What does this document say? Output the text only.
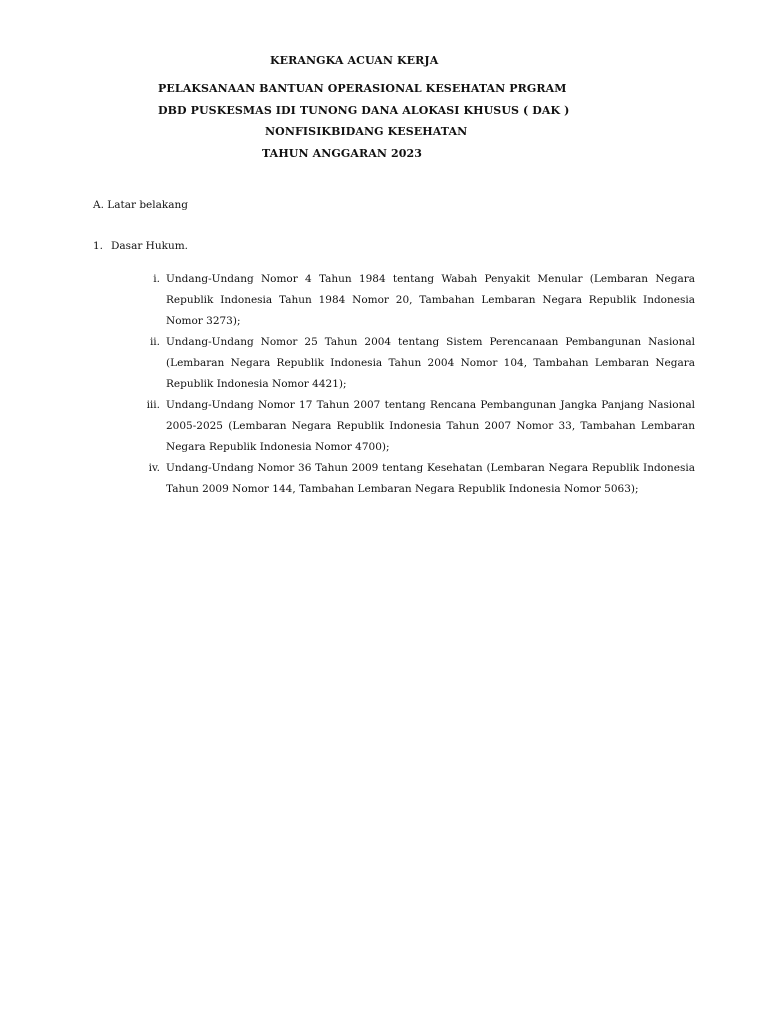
KERANGKA ACUAN KERJA
PELAKSANAAN BANTUAN OPERASIONAL KESEHATAN PRGRAM
DBD PUSKESMAS IDI TUNONG DANA ALOKASI KHUSUS ( DAK )
NONFISIKBIDANG KESEHATAN
TAHUN ANGGARAN 2023
A. Latar belakang
1. Dasar Hukum.
i. Undang-Undang Nomor 4 Tahun 1984 tentang Wabah Penyakit Menular (Lembaran Negara Republik Indonesia Tahun 1984 Nomor 20, Tambahan Lembaran Negara Republik Indonesia Nomor 3273);
ii. Undang-Undang Nomor 25 Tahun 2004 tentang Sistem Perencanaan Pembangunan Nasional (Lembaran Negara Republik Indonesia Tahun 2004 Nomor 104, Tambahan Lembaran Negara Republik Indonesia Nomor 4421);
iii. Undang-Undang Nomor 17 Tahun 2007 tentang Rencana Pembangunan Jangka Panjang Nasional 2005-2025 (Lembaran Negara Republik Indonesia Tahun 2007 Nomor 33, Tambahan Lembaran Negara Republik Indonesia Nomor 4700);
iv. Undang-Undang Nomor 36 Tahun 2009 tentang Kesehatan (Lembaran Negara Republik Indonesia Tahun 2009 Nomor 144, Tambahan Lembaran Negara Republik Indonesia Nomor 5063);
